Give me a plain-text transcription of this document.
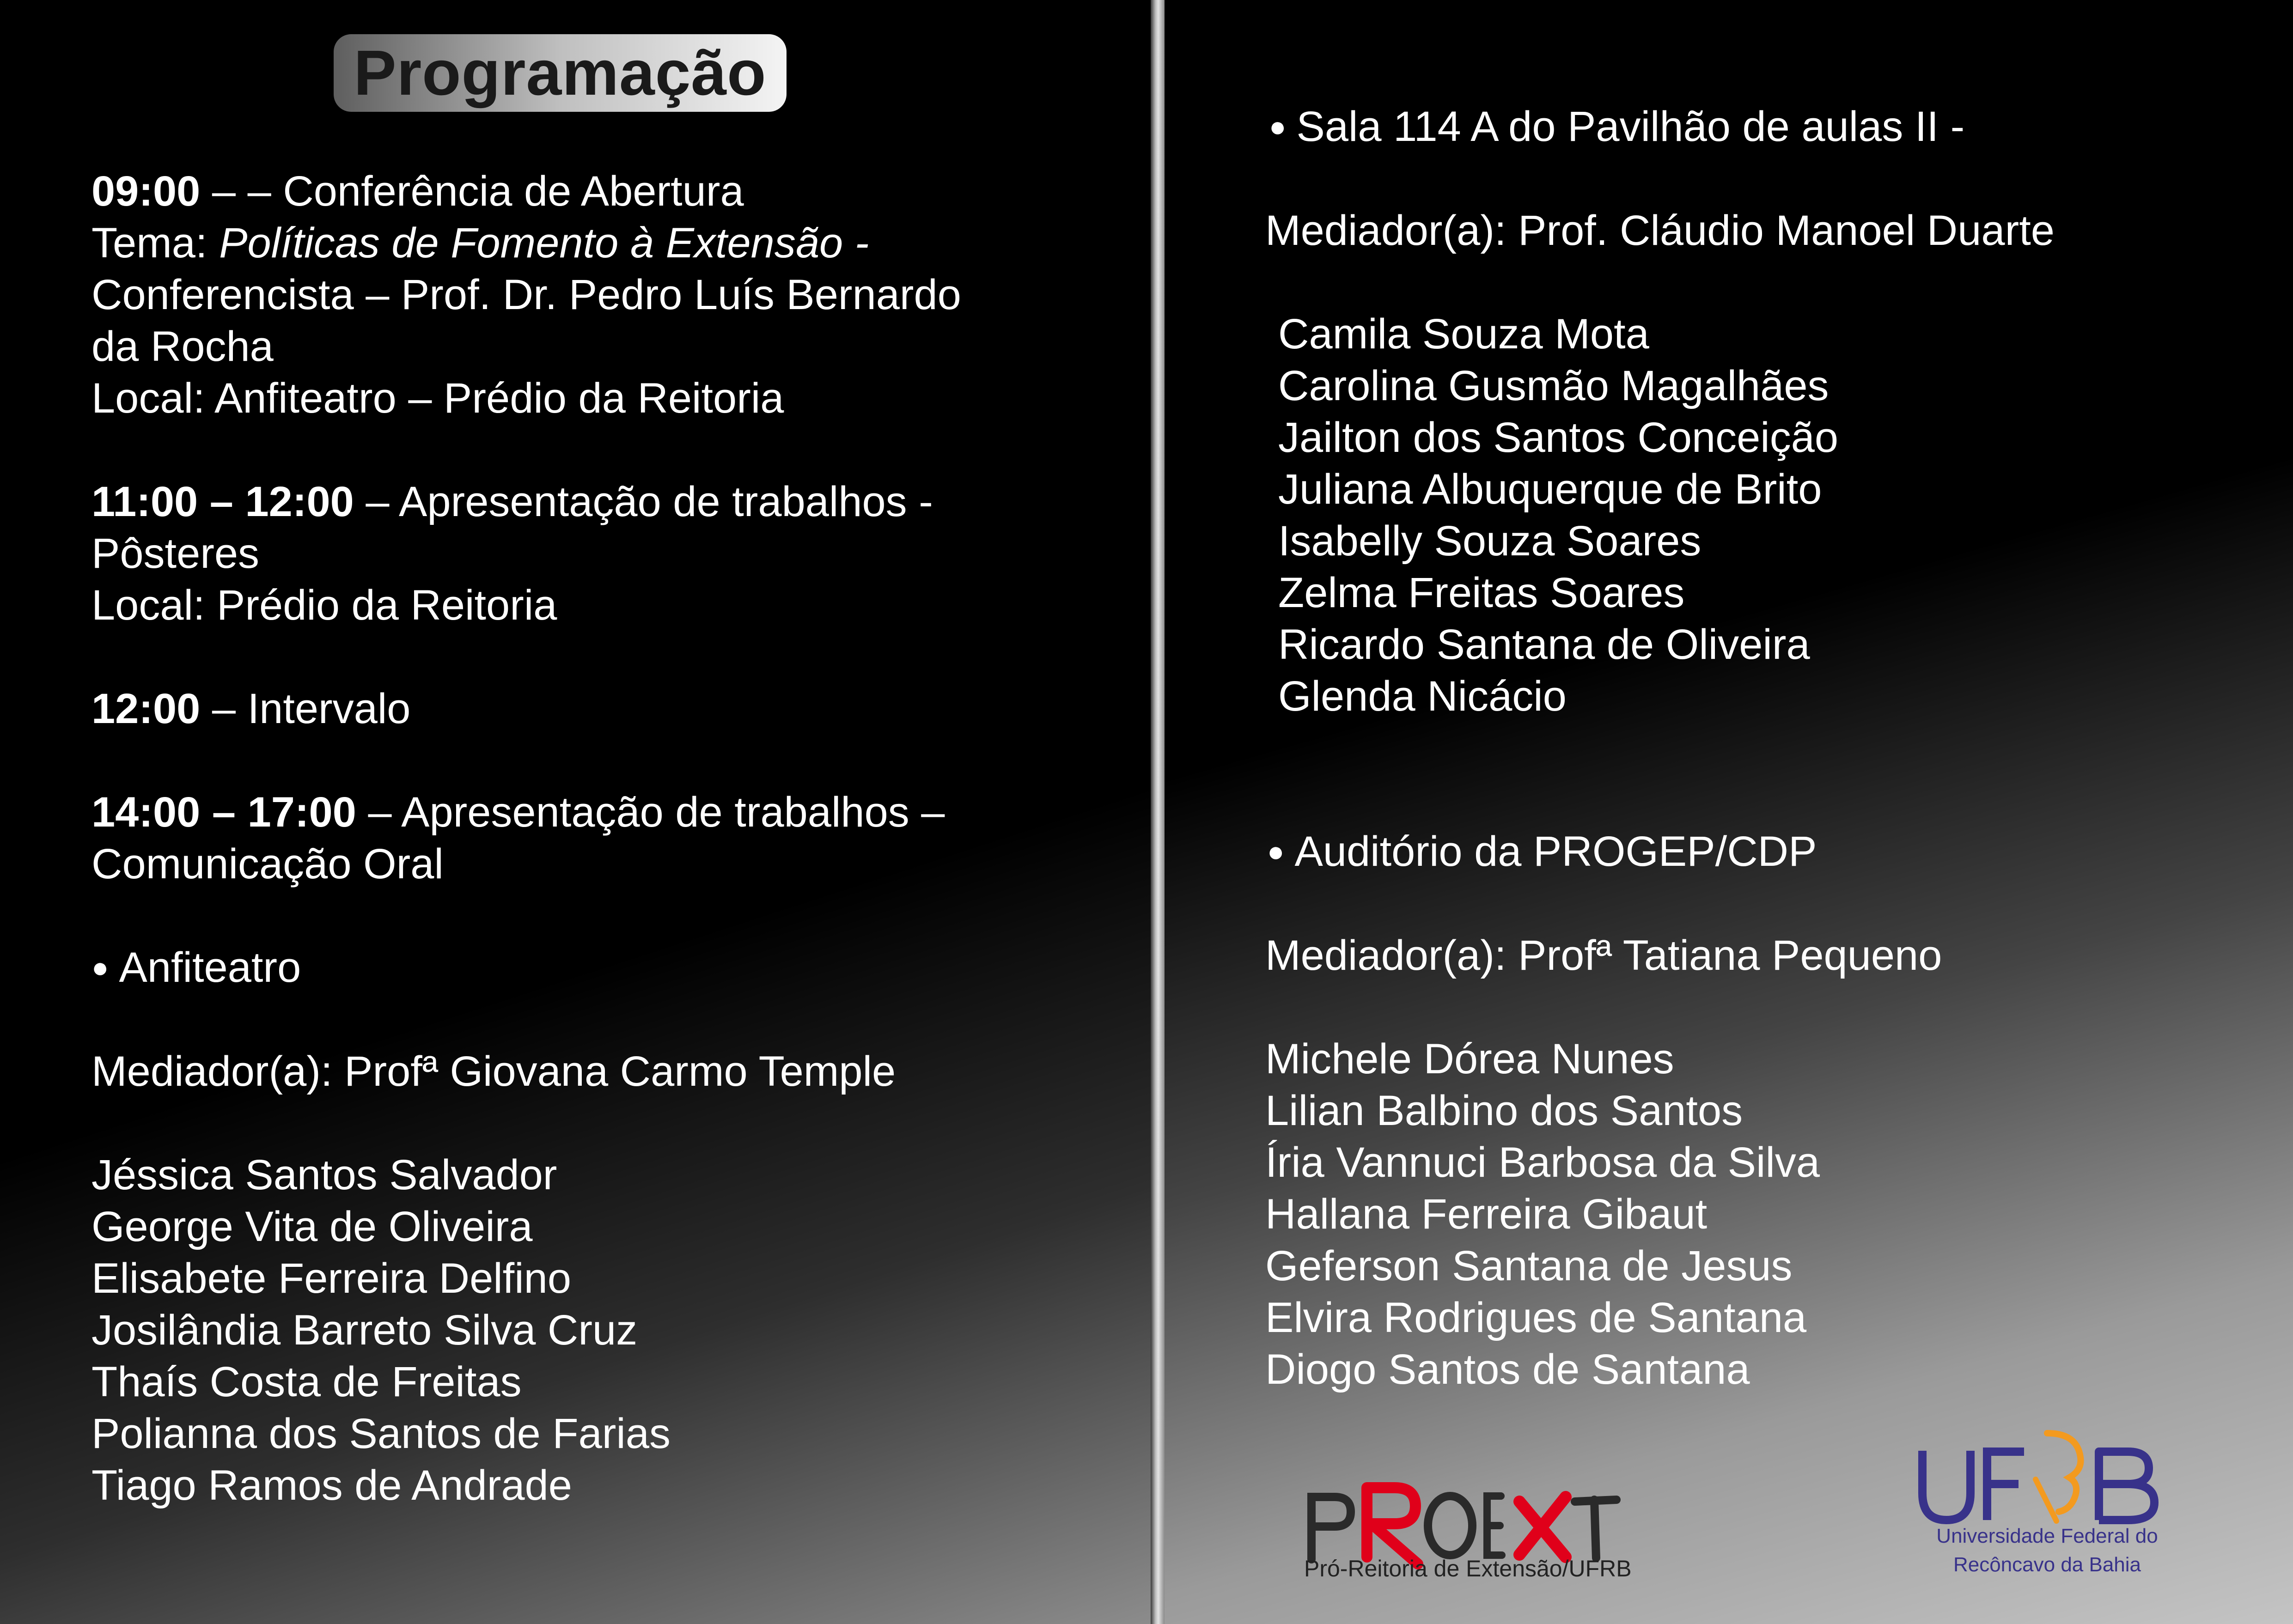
Programação
09:00 – – Conferência de Abertura
Tema: Políticas de Fomento à Extensão -
Conferencista – Prof. Dr. Pedro Luís Bernardo
da Rocha
Local: Anfiteatro – Prédio da Reitoria
11:00 – 12:00 – Apresentação de trabalhos -
Pôsteres
Local: Prédio da Reitoria
12:00 – Intervalo
14:00 – 17:00 – Apresentação de trabalhos –
Comunicação Oral
● Anfiteatro
Mediador(a): Profª Giovana Carmo Temple
Jéssica Santos Salvador
George Vita de Oliveira
Elisabete Ferreira Delfino
Josilândia Barreto Silva Cruz
Thaís Costa de Freitas
Polianna dos Santos de Farias
Tiago Ramos de Andrade
● Sala 114 A do Pavilhão de aulas II -
Mediador(a): Prof. Cláudio Manoel Duarte
Camila Souza Mota
Carolina Gusmão Magalhães
Jailton dos Santos Conceição
Juliana Albuquerque de Brito
Isabelly Souza Soares
Zelma Freitas Soares
Ricardo Santana de Oliveira
Glenda Nicácio
● Auditório da PROGEP/CDP
Mediador(a): Profª Tatiana Pequeno
Michele Dórea Nunes
Lilian Balbino dos Santos
Íria Vannuci Barbosa da Silva
Hallana Ferreira Gibaut
Geferson Santana de Jesus
Elvira Rodrigues de Santana
Diogo Santos de Santana
Pró-Reitoria de Extensão/UFRB
Universidade Federal do
Recôncavo da Bahia
